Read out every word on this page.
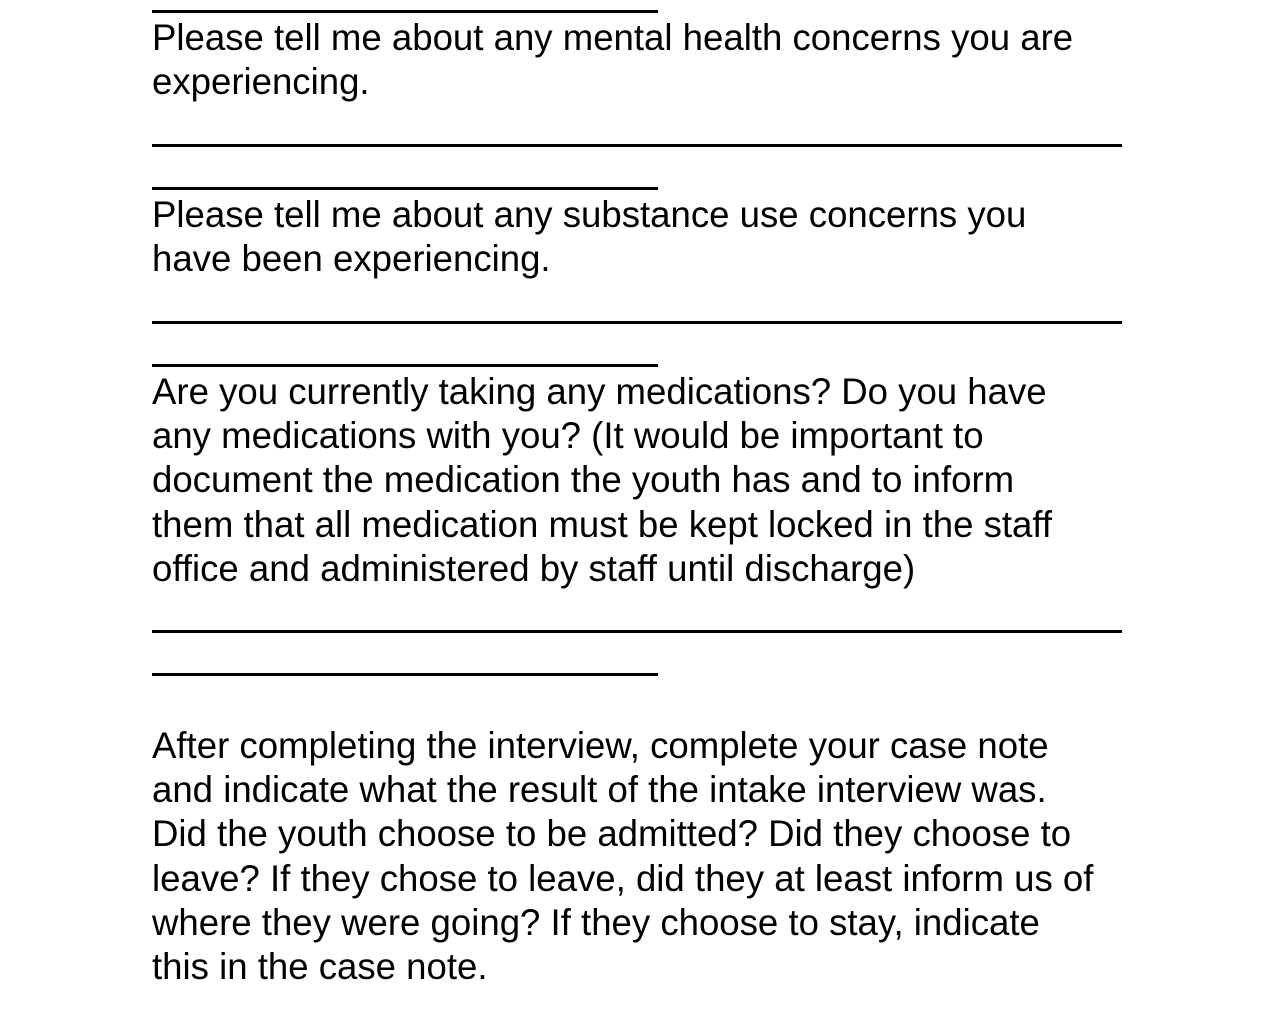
Please tell me about any mental health concerns you are
experiencing.

Please tell me about any substance use concerns you
have been experiencing.

Are you currently taking any medications? Do you have
any medications with you? (It would be important to
document the medication the youth has and to inform
them that all medication must be kept locked in the staff
office and administered by staff until discharge)

After completing the interview, complete your case note
and indicate what the result of the intake interview was.
Did the youth choose to be admitted? Did they choose to
leave? If they chose to leave, did they at least inform us of
where they were going? If they choose to stay, indicate
this in the case note.
